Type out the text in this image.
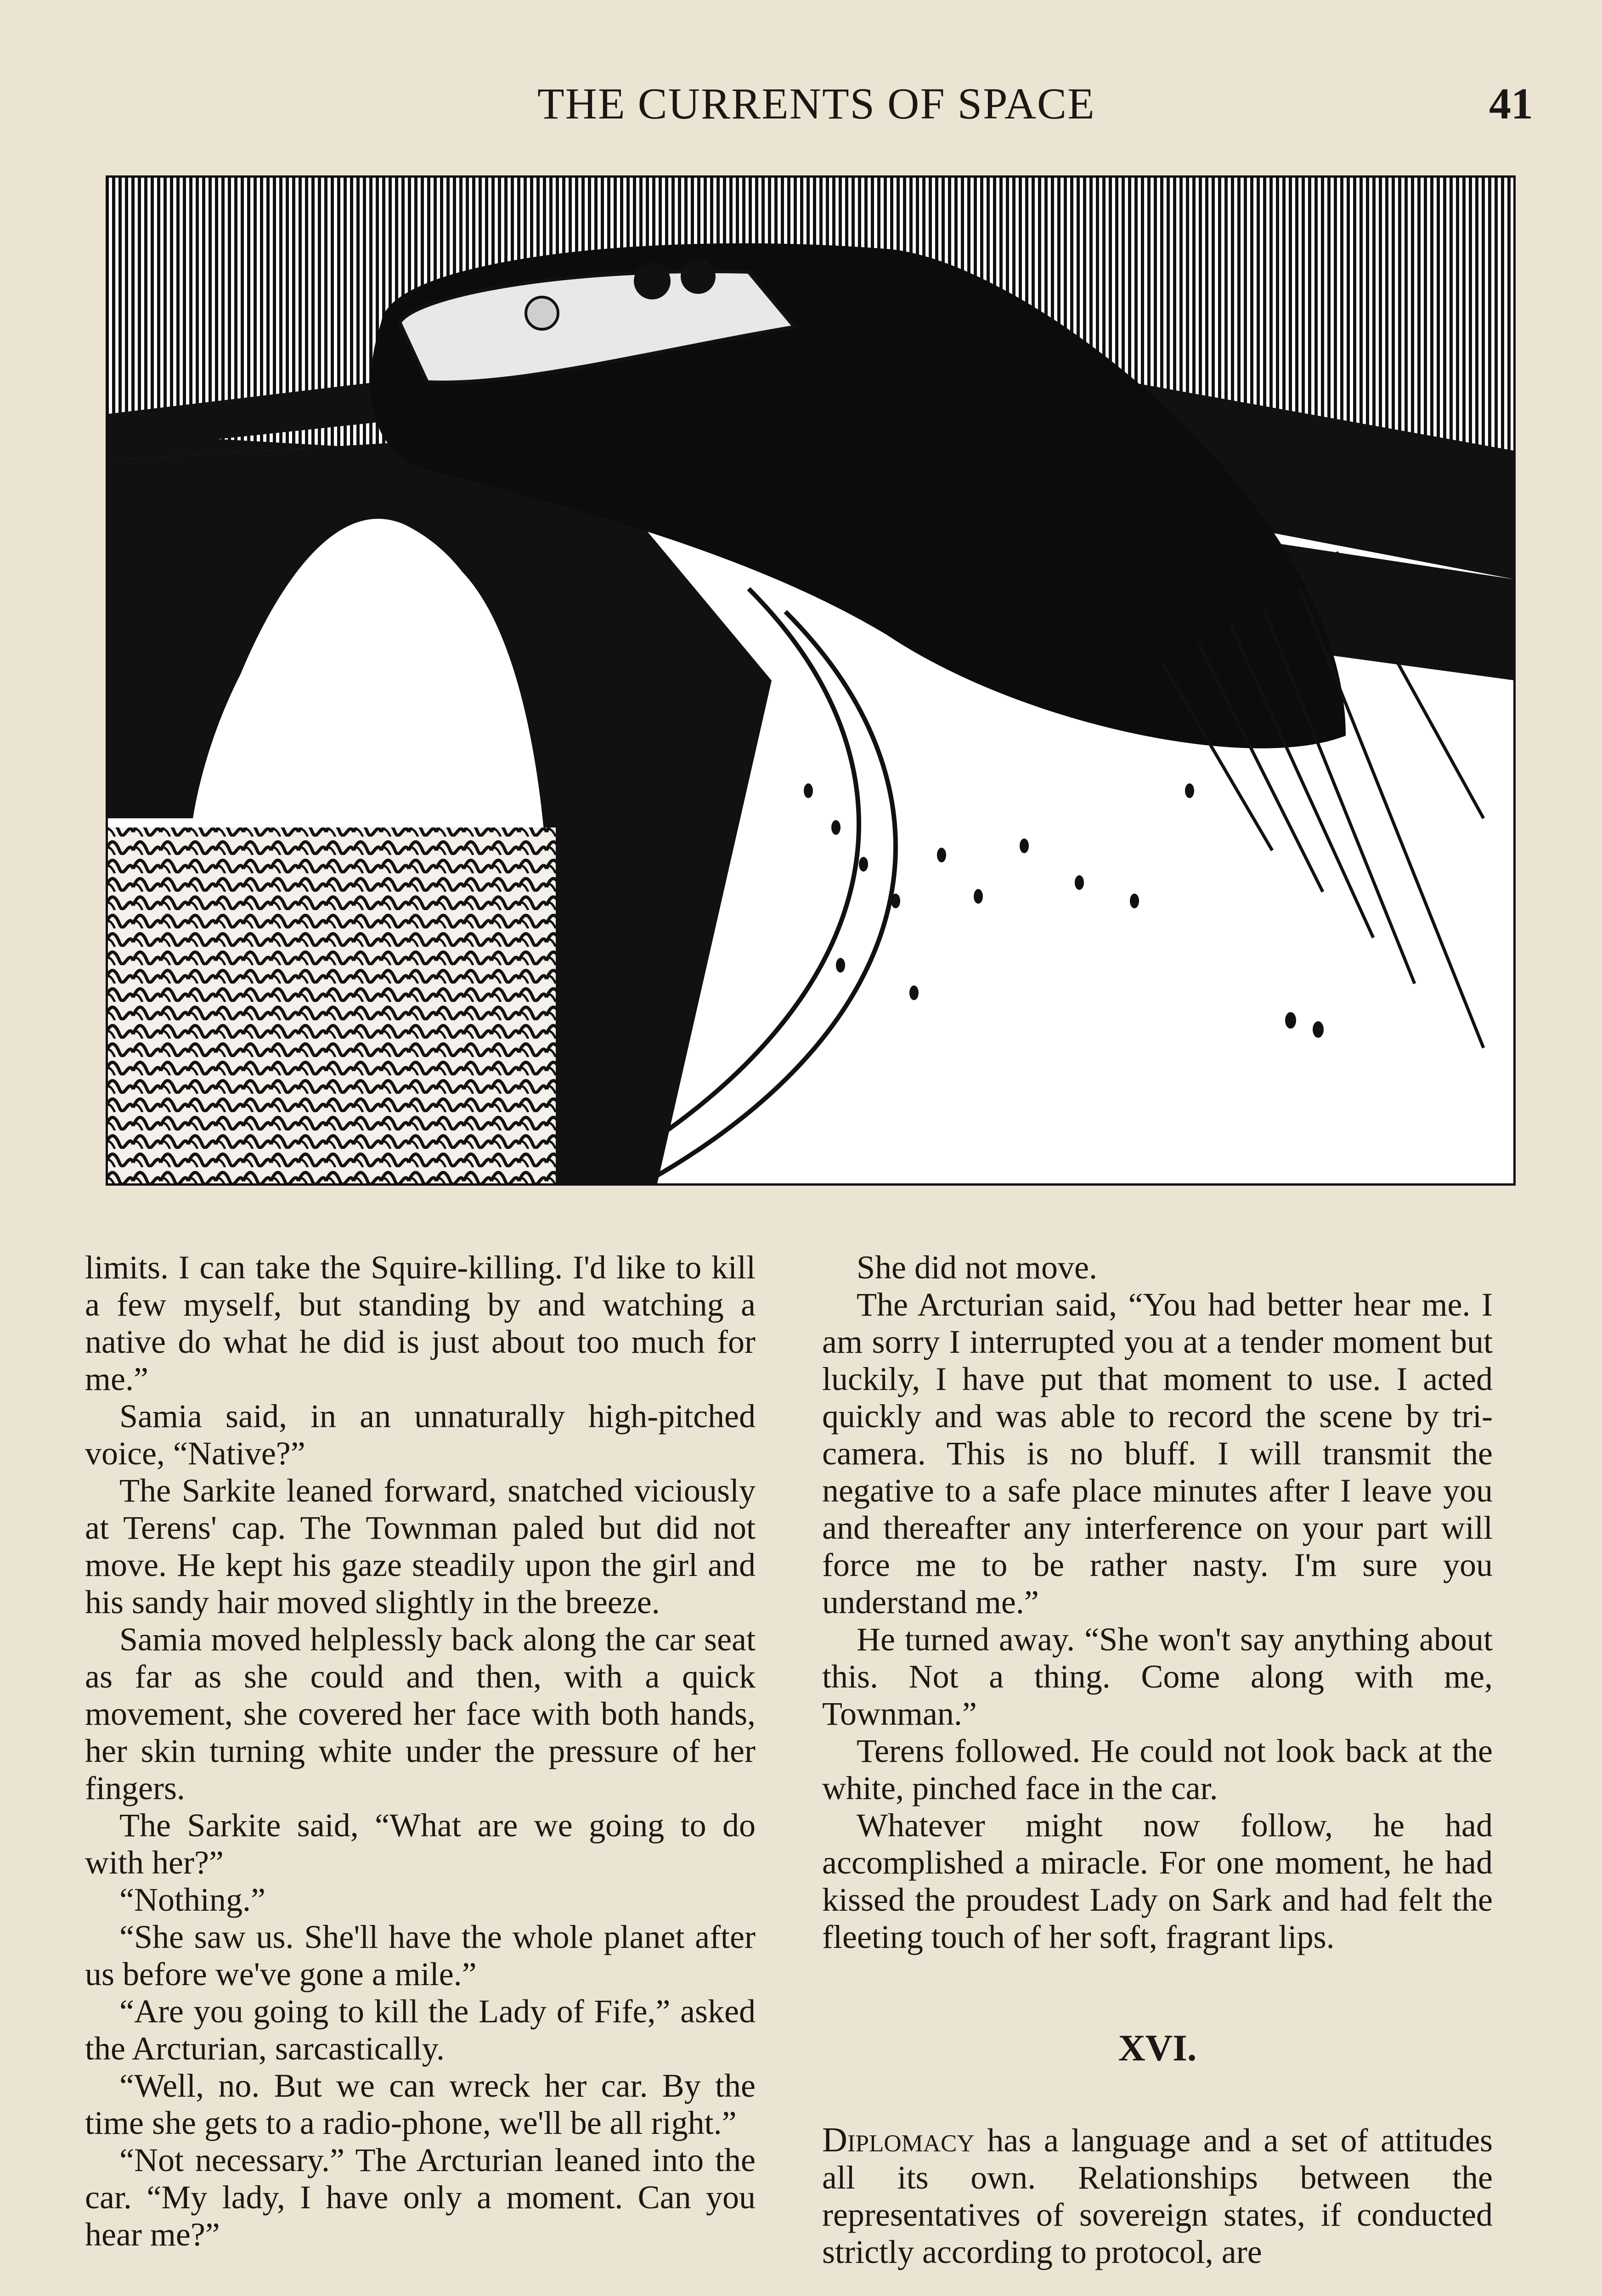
THE CURRENTS OF SPACE	41

limits. I can take the Squire-killing. I'd like to kill a few myself, but standing by and watching a native do what he did is just about too much for me.”

Samia said, in an unnaturally high-pitched voice, “Native?”

The Sarkite leaned forward, snatched viciously at Terens' cap. The Townman paled but did not move. He kept his gaze steadily upon the girl and his sandy hair moved slightly in the breeze.

Samia moved helplessly back along the car seat as far as she could and then, with a quick movement, she covered her face with both hands, her skin turning white under the pressure of her fingers.

The Sarkite said, “What are we going to do with her?”

“Nothing.”

“She saw us. She'll have the whole planet after us before we've gone a mile.”

“Are you going to kill the Lady of Fife,” asked the Arcturian, sarcastically.

“Well, no. But we can wreck her car. By the time she gets to a radio-phone, we'll be all right.”

“Not necessary.” The Arcturian leaned into the car. “My lady, I have only a moment. Can you hear me?”

She did not move.

The Arcturian said, “You had better hear me. I am sorry I interrupted you at a tender moment but luckily, I have put that moment to use. I acted quickly and was able to record the scene by tri-camera. This is no bluff. I will transmit the negative to a safe place minutes after I leave you and thereafter any interference on your part will force me to be rather nasty. I'm sure you understand me.”

He turned away. “She won't say anything about this. Not a thing. Come along with me, Townman.”

Terens followed. He could not look back at the white, pinched face in the car.

Whatever might now follow, he had accomplished a miracle. For one moment, he had kissed the proudest Lady on Sark and had felt the fleeting touch of her soft, fragrant lips.

XVI.

Diplomacy has a language and a set of attitudes all its own. Relationships between the representatives of sovereign states, if conducted strictly according to protocol, are
